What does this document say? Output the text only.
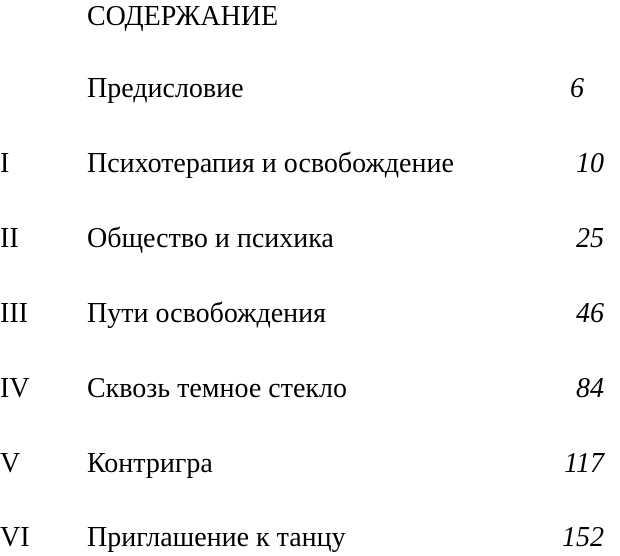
СОДЕРЖАНИЕ
Предисловие	6
I	Психотерапия и освобождение	10
II Общество и психика	25
III Пути освобождения	46
IV Сквозь темное стекло	84
V Контригра	117
VI Приглашение к танцу	152
